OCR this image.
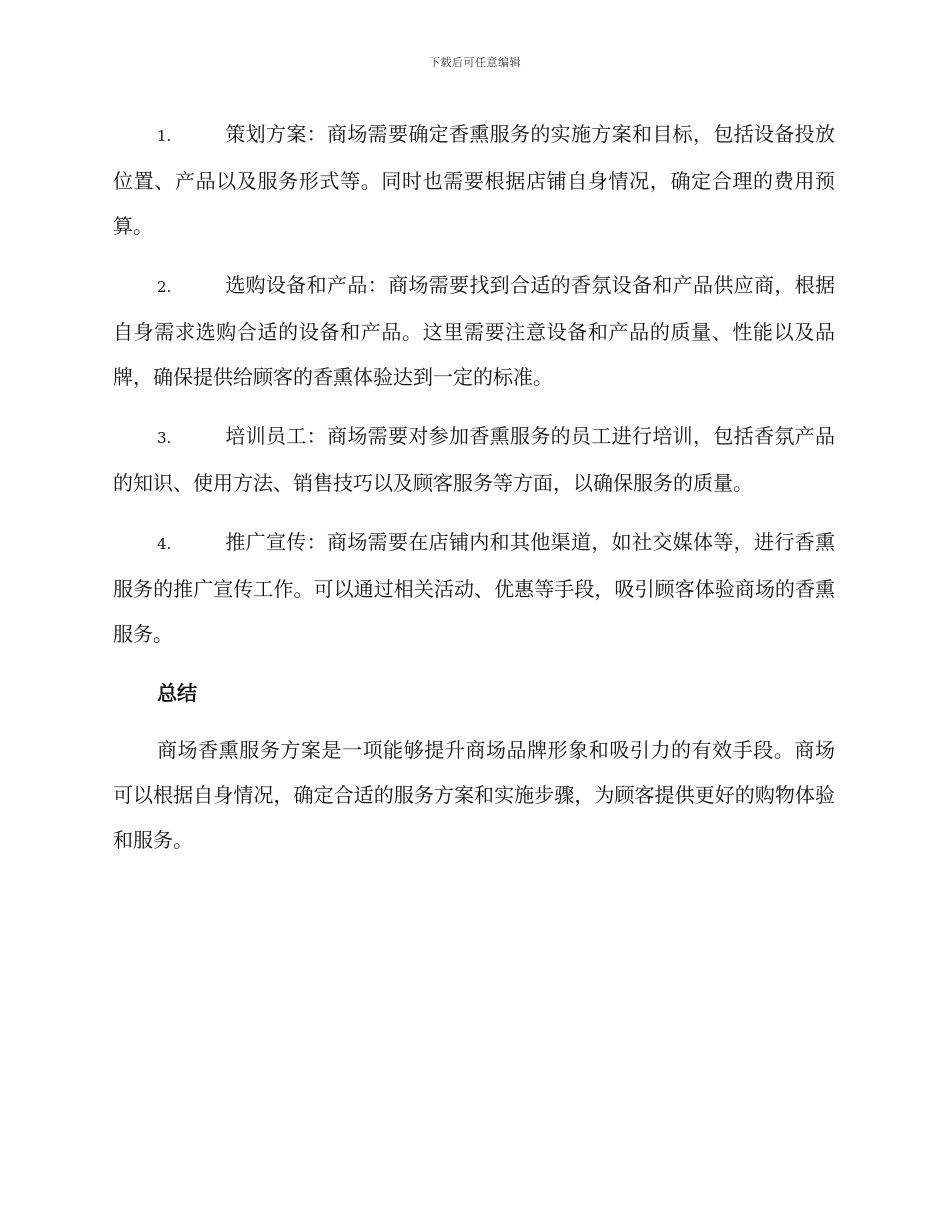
下载后可任意编辑

1.	策划方案：商场需要确定香熏服务的实施方案和目标，包括设备投放位置、产品以及服务形式等。同时也需要根据店铺自身情况，确定合理的费用预算。

2.	选购设备和产品：商场需要找到合适的香氛设备和产品供应商，根据自身需求选购合适的设备和产品。这里需要注意设备和产品的质量、性能以及品牌，确保提供给顾客的香熏体验达到一定的标准。

3.	培训员工：商场需要对参加香熏服务的员工进行培训，包括香氛产品的知识、使用方法、销售技巧以及顾客服务等方面，以确保服务的质量。

4.	推广宣传：商场需要在店铺内和其他渠道，如社交媒体等，进行香熏服务的推广宣传工作。可以通过相关活动、优惠等手段，吸引顾客体验商场的香熏服务。

总结

商场香熏服务方案是一项能够提升商场品牌形象和吸引力的有效手段。商场可以根据自身情况，确定合适的服务方案和实施步骤，为顾客提供更好的购物体验和服务。
